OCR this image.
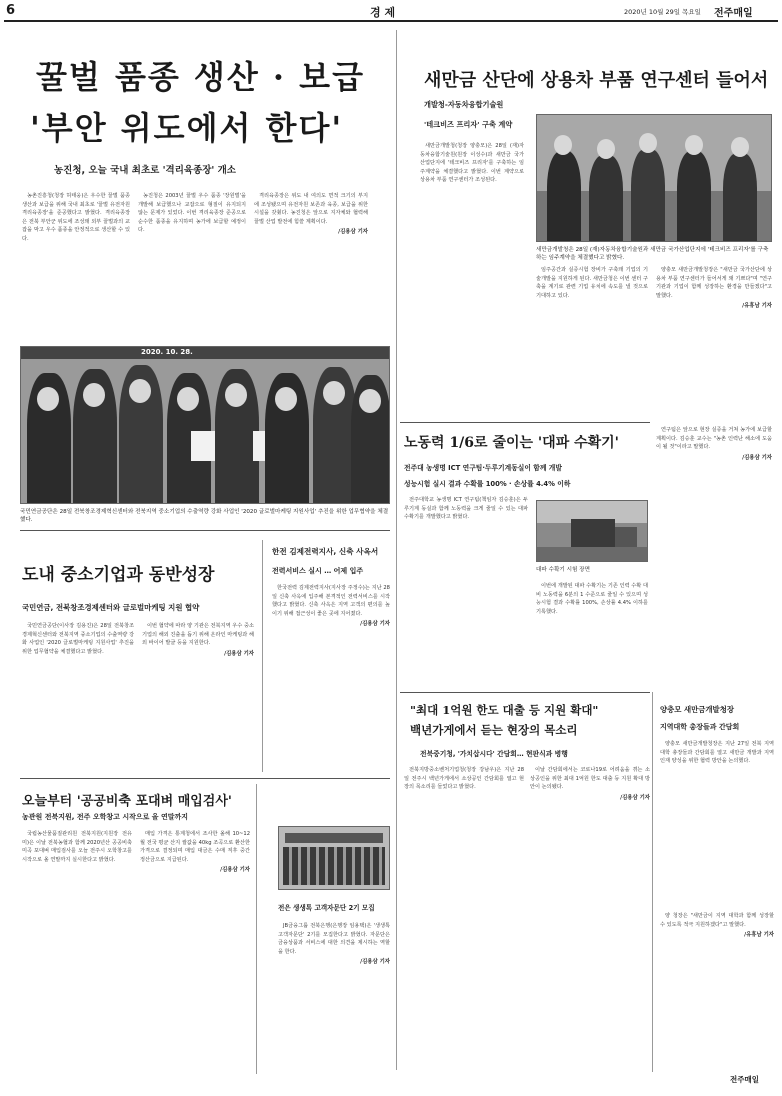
6	경 제	2020년 10월 29일 목요일 전주매일
꿀벌 품종 생산 · 보급
'부안 위도에서 한다'
농진청, 오늘 국내 최초로 '격리육종장' 개소

농촌진흥청(청장 허태웅)은 우수한 꿀벌 품종 생산과 보급을 위해 국내 최초로 '꿀벌 유전자원 격리육종장'을 준공했다고 밝혔다. 격리육종장은 전북 부안군 위도에 조성돼 외부 꿀벌과의 교잡을 막고 우수 품종을 안정적으로 생산할 수 있다.

농진청은 2003년 꿀벌 우수 품종 '장원벌'을 개발해 보급했으나 교잡으로 형질이 유지되지 않는 문제가 있었다. 이번 격리육종장 준공으로 순수한 품종을 유지하며 농가에 보급할 예정이다.

격리육종장은 위도 내 여의도 면적 크기의 부지에 조성됐으며 유전자원 보존과 육종, 보급을 위한 시설을 갖췄다. 농진청은 앞으로 지자체와 협력해 꿀벌 산업 발전에 힘쓸 계획이다.

/김용삼 기자
새만금 산단에 상용차 부품 연구센터 들어서
개발청-자동차융합기술원
'테크비즈 프리자' 구축 계약

새만금개발청(청장 양충모)은 28일 (재)자동차융합기술원(원장 이성수)과 새만금 국가산업단지에 '테크비즈 프리자'를 구축하는 임주계약을 체결했다고 밝혔다. 이번 계약으로 상용차 부품 연구센터가 조성된다.

새만금개발청은 28일 (재)자동차융합기술원과 새만금 국가산업단지에 '테크비즈 프리자'를 구축하는 임주계약을 체결했다고 밝혔다.

임주공간과 실증시험 장비가 구축돼 기업의 기술개발을 지원하게 된다. 새만금청은 이번 센터 구축을 계기로 관련 기업 유치에 속도를 낼 것으로 기대하고 있다.

양충모 새만금개발청장은 "새만금 국가산단에 상용차 부품 연구센터가 들어서게 돼 기쁘다"며 "연구기관과 기업이 함께 성장하는 환경을 만들겠다"고 말했다.

/유휴남 기자
2020. 10. 28.
국민연금공단은 28일 전북창조경제혁신센터와 전북지역 중소기업의 수출역량 강화 사업인 '2020 글로벌마케팅 지원사업' 추진을 위한 업무협약을 체결했다.
도내 중소기업과 동반성장
국민연금, 전북창조경제센터와 글로벌마케팅 지원 협약

국민연금공단(이사장 김용진)은 28일 전북창조경제혁신센터와 전북지역 중소기업의 수출역량 강화 사업인 '2020 글로벌마케팅 지원사업' 추진을 위한 업무협약을 체결했다고 밝혔다.

이번 협약에 따라 양 기관은 전북지역 우수 중소기업의 해외 진출을 돕기 위해 온라인 마케팅과 해외 바이어 발굴 등을 지원한다.

/김용삼 기자
한전 김제전력지사, 신축 사옥서
전력서비스 실시 … 어제 입주

한국전력 김제전력지사(지사장 주정수)는 지난 28일 신축 사옥에 입주해 본격적인 전력서비스를 시작했다고 밝혔다. 신축 사옥은 지역 고객의 편의를 높이기 위해 접근성이 좋은 곳에 지어졌다.

/김용삼 기자
오늘부터 '공공비축 포대벼 매입검사'
농관원 전북지원, 전주 오학창고 시작으로 올 연말까지

국립농산물품질관리원 전북지원(지원장 전유미)은 이날 전북농협과 함께 2020년산 공공비축미곡 포대벼 매입검사를 오늘 전주시 오학창고를 시작으로 올 연말까지 실시한다고 밝혔다.

매입 가격은 통계청에서 조사한 올해 10~12월 전국 평균 산지 쌀값을 40kg 조곡으로 환산한 가격으로 결정되며 매입 대금은 수매 직후 중간정산금으로 지급된다.

/김용삼 기자
전은 생생톡 고객자문단 2기 모집

JB금융그룹 전북은행(은행장 임용택)은 '생생톡 고객자문단' 2기를 모집한다고 밝혔다. 자문단은 금융상품과 서비스에 대한 의견을 제시하는 역할을 한다.

/김용삼 기자
노동력 1/6로 줄이는 '대파 수확기'
전주대 농생명 ICT 연구팀·두루기계동실이 함께 개발
성능시험 실시 결과 수확률 100% · 손상률 4.4% 이하

전주대학교 농생명 ICT 연구팀(책임자 김승훈)은 두루기계 동실과 함께 노동력을 크게 줄일 수 있는 대파 수확기를 개발했다고 밝혔다.

대파 수확기 시험 장면

이번에 개발된 대파 수확기는 기존 인력 수확 대비 노동력을 6분의 1 수준으로 줄일 수 있으며 성능시험 결과 수확률 100%, 손상률 4.4% 이하를 기록했다.

연구팀은 앞으로 현장 실증을 거쳐 농가에 보급할 계획이다. 김승훈 교수는 "농촌 인력난 해소에 도움이 될 것"이라고 말했다.

/김용삼 기자
"최대 1억원 한도 대출 등 지원 확대"
백년가게에서 듣는 현장의 목소리
전북중기청, '가치삽시다' 간담회… 현판식과 병행

전북지방중소벤처기업청(청장 강남우)은 지난 28일 전주시 백년가게에서 소상공인 간담회를 열고 현장의 목소리를 들었다고 밝혔다.

이날 간담회에서는 코로나19로 어려움을 겪는 소상공인을 위한 최대 1억원 한도 대출 등 지원 확대 방안이 논의됐다.

/김용삼 기자
양충모 새만금개발청장
지역대학 총장들과 간담회

양충모 새만금개발청장은 지난 27일 전북 지역대학 총장들과 간담회를 열고 새만금 개발과 지역 인재 양성을 위한 협력 방안을 논의했다.

양 청장은 "새만금이 지역 대학과 함께 성장할 수 있도록 적극 지원하겠다"고 말했다.

/유휴남 기자
전주매일
